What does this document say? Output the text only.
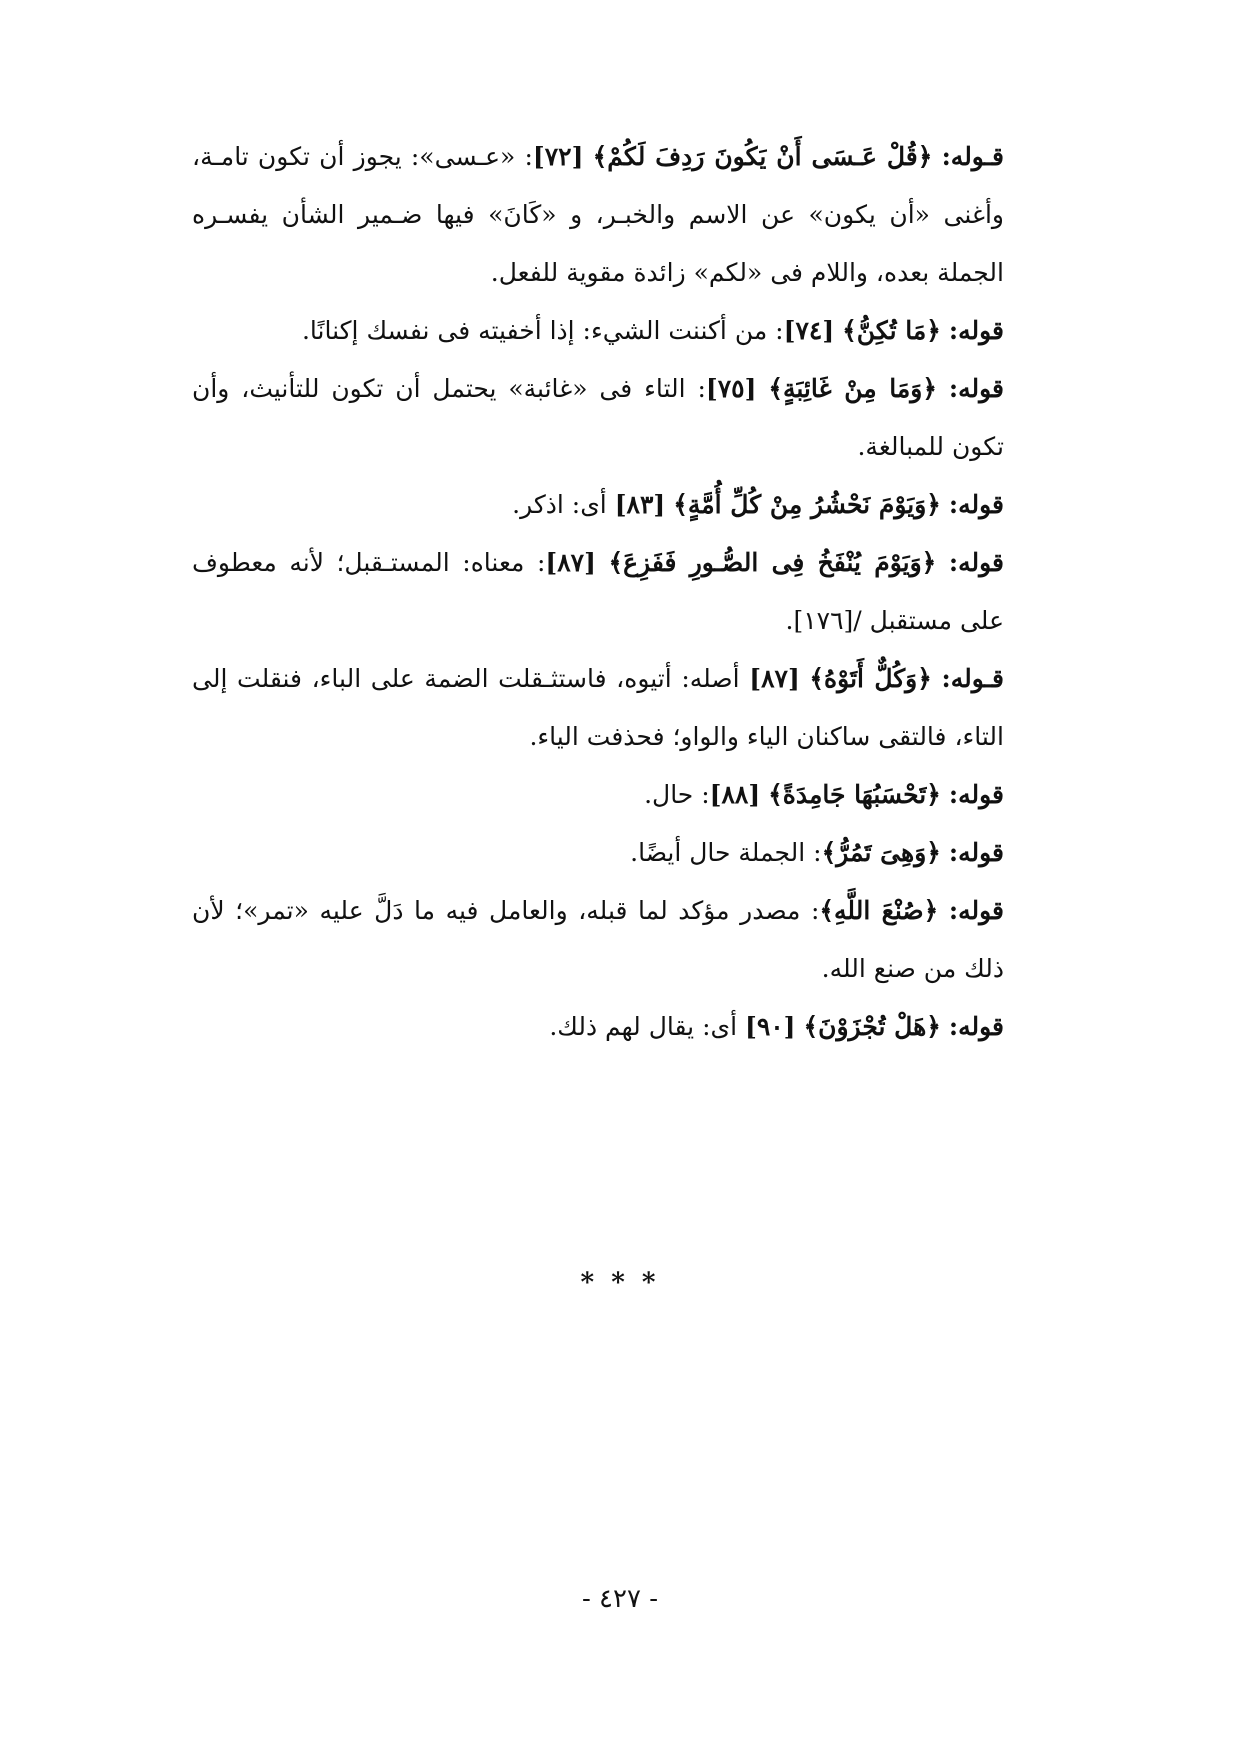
قـوله: ﴿قُلْ عَـسَى أَنْ يَكُونَ رَدِفَ لَكُمْ﴾ [٧٢]: «عـسى»: يجوز أن تكون تامـة، وأغنى «أن يكون» عن الاسم والخبـر، و «كَانَ» فيها ضـمير الشأن يفسـره الجملة بعده، واللام فى «لكم» زائدة مقوية للفعل.

قوله: ﴿مَا تُكِنُّ﴾ [٧٤]: من أكننت الشيء: إذا أخفيته فى نفسك إكنانًا.

قوله: ﴿وَمَا مِنْ غَائِبَةٍ﴾ [٧٥]: التاء فى «غائبة» يحتمل أن تكون للتأنيث، وأن تكون للمبالغة.

قوله: ﴿وَيَوْمَ نَحْشُرُ مِنْ كُلِّ أُمَّةٍ﴾ [٨٣] أى: اذكر.

قوله: ﴿وَيَوْمَ يُنْفَخُ فِى الصُّـورِ فَفَزِعَ﴾ [٨٧]: معناه: المستـقبل؛ لأنه معطوف على مستقبل /[١٧٦].

قـوله: ﴿وَكُلٌّ أَتَوْهُ﴾ [٨٧] أصله: أتيوه، فاستثـقلت الضمة على الباء، فنقلت إلى التاء، فالتقى ساكنان الياء والواو؛ فحذفت الياء.

قوله: ﴿تَحْسَبُهَا جَامِدَةً﴾ [٨٨]: حال.

قوله: ﴿وَهِىَ تَمُرُّ﴾: الجملة حال أيضًا.

قوله: ﴿صُنْعَ اللَّهِ﴾: مصدر مؤكد لما قبله، والعامل فيه ما دَلَّ عليه «تمر»؛ لأن ذلك من صنع الله.

قوله: ﴿هَلْ تُجْزَوْنَ﴾ [٩٠] أى: يقال لهم ذلك.

* * *
- ٤٢٧ -
